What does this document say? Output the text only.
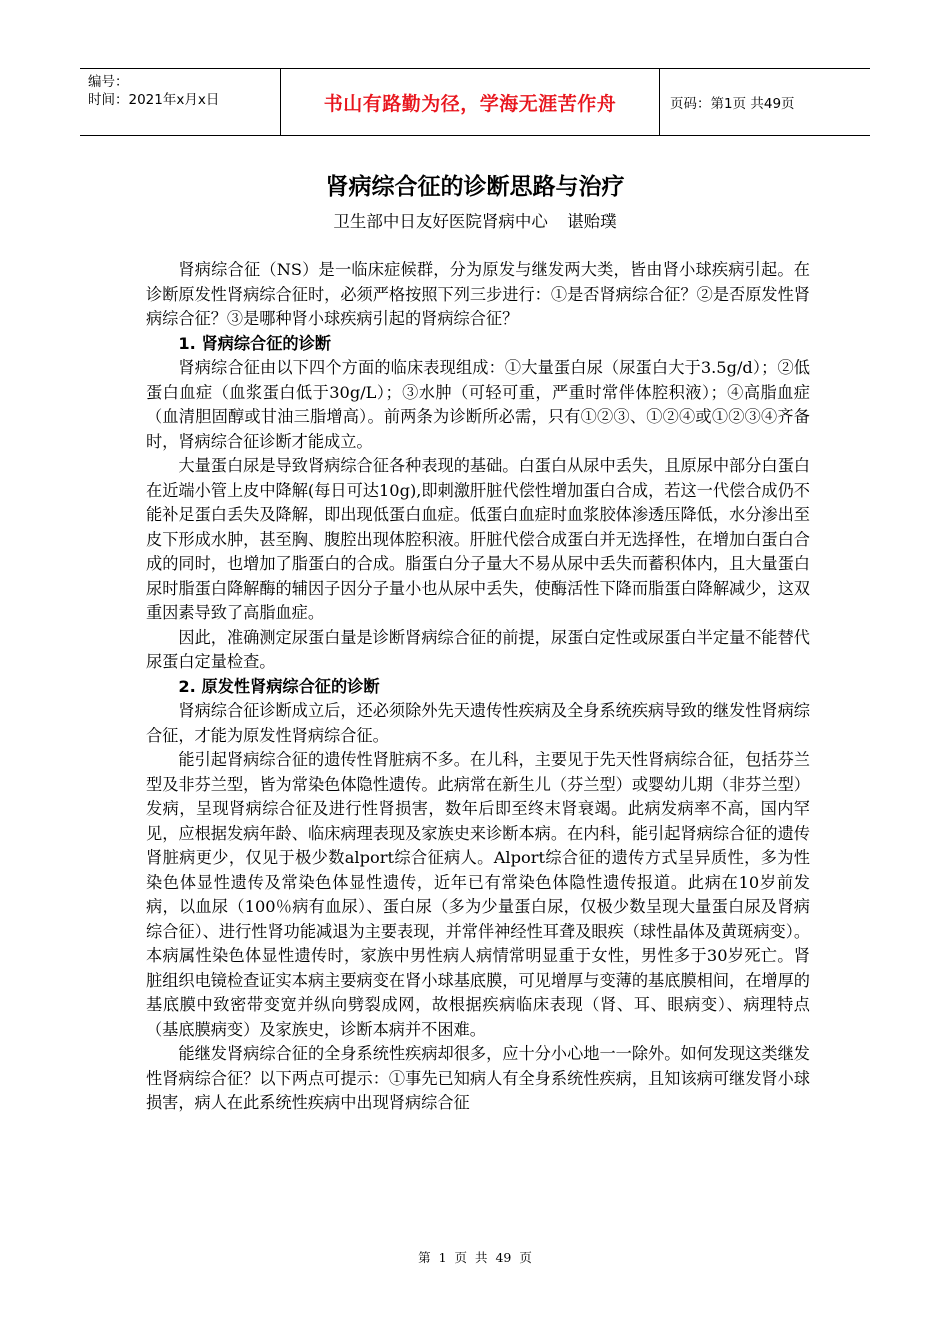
编号：
时间：2021年x月x日	书山有路勤为径，学海无涯苦作舟	页码：第1页 共49页
肾病综合征的诊断思路与治疗
卫生部中日友好医院肾病中心 谌贻璞

肾病综合征（NS）是一临床症候群，分为原发与继发两大类，皆由肾小球疾病引起。在诊断原发性肾病综合征时，必须严格按照下列三步进行：①是否肾病综合征？②是否原发性肾病综合征？③是哪种肾小球疾病引起的肾病综合征？

1. 肾病综合征的诊断

肾病综合征由以下四个方面的临床表现组成：①大量蛋白尿（尿蛋白大于3.5g/d）；②低蛋白血症（血浆蛋白低于30g/L）；③水肿（可轻可重，严重时常伴体腔积液）；④高脂血症（血清胆固醇或甘油三脂增高）。前两条为诊断所必需，只有①②③、①②④或①②③④齐备时，肾病综合征诊断才能成立。

大量蛋白尿是导致肾病综合征各种表现的基础。白蛋白从尿中丢失，且原尿中部分白蛋白在近端小管上皮中降解(每日可达10g),即刺激肝脏代偿性增加蛋白合成，若这一代偿合成仍不能补足蛋白丢失及降解，即出现低蛋白血症。低蛋白血症时血浆胶体渗透压降低，水分渗出至皮下形成水肿，甚至胸、腹腔出现体腔积液。肝脏代偿合成蛋白并无选择性，在增加白蛋白合成的同时，也增加了脂蛋白的合成。脂蛋白分子量大不易从尿中丢失而蓄积体内，且大量蛋白尿时脂蛋白降解酶的辅因子因分子量小也从尿中丢失，使酶活性下降而脂蛋白降解减少，这双重因素导致了高脂血症。

因此，准确测定尿蛋白量是诊断肾病综合征的前提，尿蛋白定性或尿蛋白半定量不能替代尿蛋白定量检查。

2. 原发性肾病综合征的诊断

肾病综合征诊断成立后，还必须除外先天遗传性疾病及全身系统疾病导致的继发性肾病综合征，才能为原发性肾病综合征。

能引起肾病综合征的遗传性肾脏病不多。在儿科，主要见于先天性肾病综合征，包括芬兰型及非芬兰型，皆为常染色体隐性遗传。此病常在新生儿（芬兰型）或婴幼儿期（非芬兰型）发病，呈现肾病综合征及进行性肾损害，数年后即至终末肾衰竭。此病发病率不高，国内罕见，应根据发病年龄、临床病理表现及家族史来诊断本病。在内科，能引起肾病综合征的遗传肾脏病更少，仅见于极少数alport综合征病人。Alport综合征的遗传方式呈异质性，多为性染色体显性遗传及常染色体显性遗传，近年已有常染色体隐性遗传报道。此病在10岁前发病，以血尿（100％病有血尿）、蛋白尿（多为少量蛋白尿，仅极少数呈现大量蛋白尿及肾病综合征）、进行性肾功能减退为主要表现，并常伴神经性耳聋及眼疾（球性晶体及黄斑病变）。本病属性染色体显性遗传时，家族中男性病人病情常明显重于女性，男性多于30岁死亡。肾脏组织电镜检查证实本病主要病变在肾小球基底膜，可见增厚与变薄的基底膜相间，在增厚的基底膜中致密带变宽并纵向劈裂成网，故根据疾病临床表现（肾、耳、眼病变）、病理特点（基底膜病变）及家族史，诊断本病并不困难。

能继发肾病综合征的全身系统性疾病却很多，应十分小心地一一除外。如何发现这类继发性肾病综合征？以下两点可提示：①事先已知病人有全身系统性疾病，且知该病可继发肾小球损害，病人在此系统性疾病中出现肾病综合征

第 1 页 共 49 页
